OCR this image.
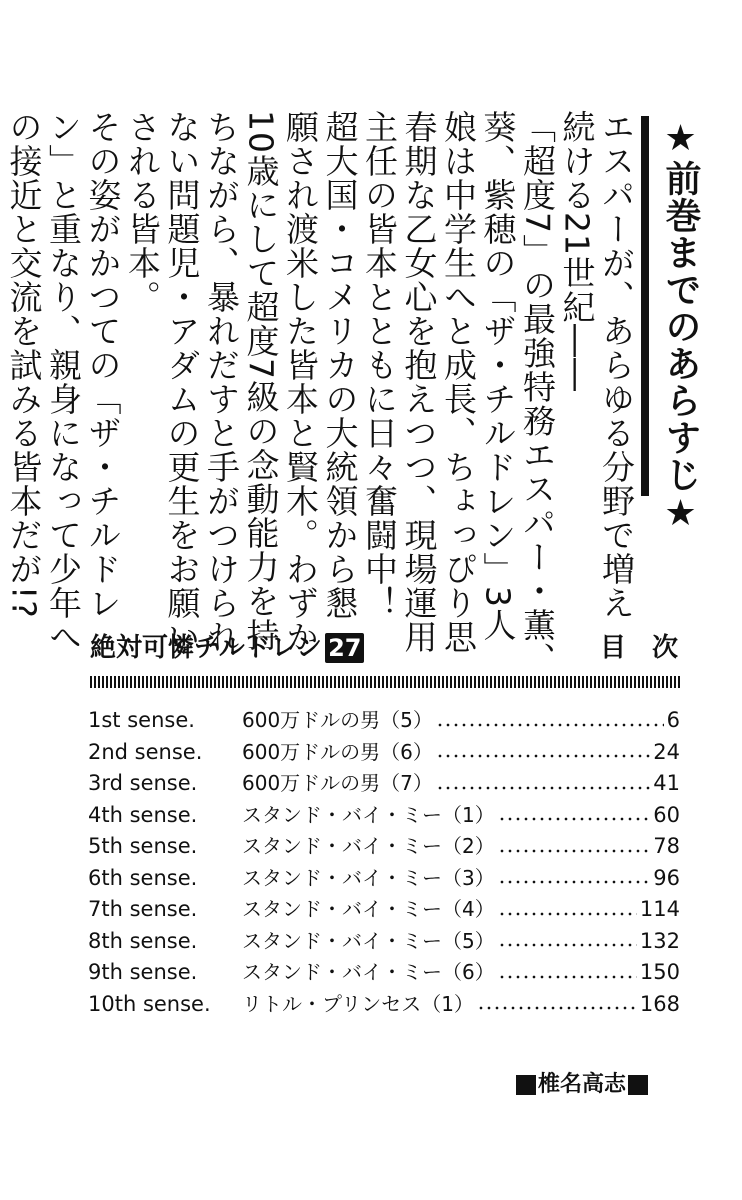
★前巻までのあらすじ★
エスパーが、あらゆる分野で増え
続ける21世紀――
「超度7」の最強特務エスパー・薫、
葵、紫穂の「ザ・チルドレン」3人
娘は中学生へと成長、ちょっぴり思
春期な乙女心を抱えつつ、現場運用
主任の皆本とともに日々奮闘中！
超大国・コメリカの大統領から懇
願され渡米した皆本と賢木。わずか
10歳にして超度7級の念動能力を持
ちながら、暴れだすと手がつけられ
ない問題児・アダムの更生をお願い
される皆本。
その姿がかつての「ザ・チルドレ
ン」と重なり、親身になって少年へ
の接近と交流を試みる皆本だが!?
絶対可憐チルドレン 27	目次
1st sense.	600万ドルの男（5）	6
2nd sense.	600万ドルの男（6）	24
3rd sense.	600万ドルの男（7）	41
4th sense.	スタンド・バイ・ミー（1）	60
5th sense.	スタンド・バイ・ミー（2）	78
6th sense.	スタンド・バイ・ミー（3）	96
7th sense.	スタンド・バイ・ミー（4）	114
8th sense.	スタンド・バイ・ミー（5）	132
9th sense.	スタンド・バイ・ミー（6）	150
10th sense.	リトル・プリンセス（1）	168
椎名高志
